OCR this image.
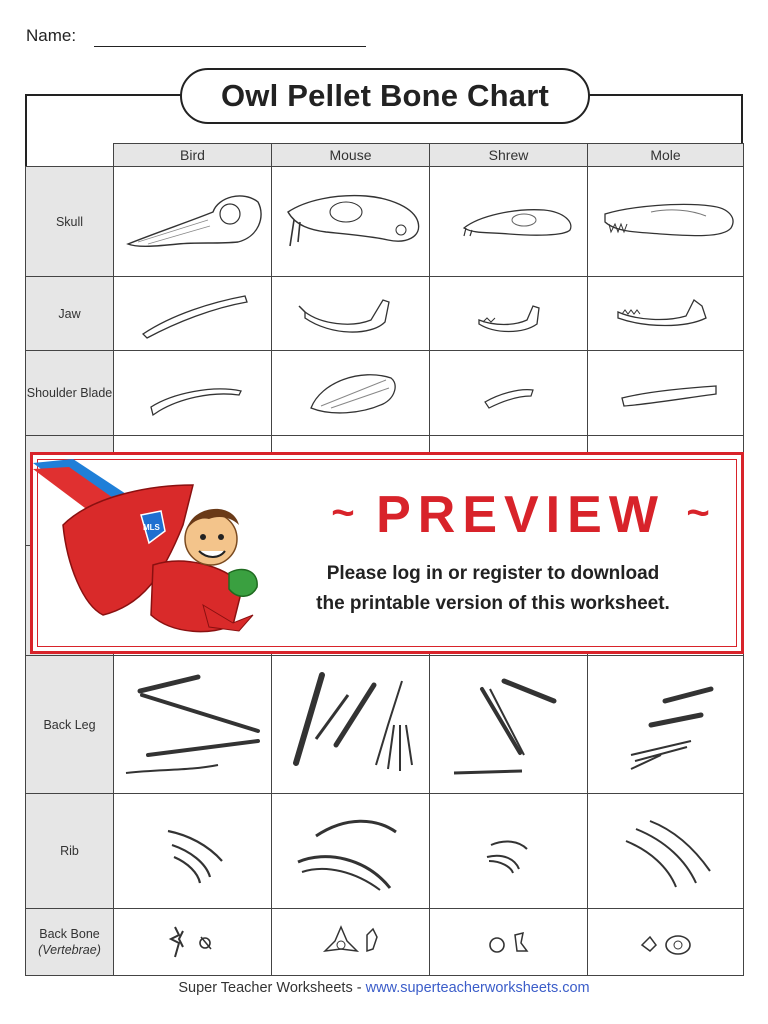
Name:
Owl Pellet Bone Chart
	Bird	Mouse	Shrew	Mole
Skull	

Jaw	

Shoulder Blade	

Back Leg	

Rib	

Back Bone
(Vertebrae)	

MLS	~ PREVIEW ~
Please log in or register to download
the printable version of this worksheet.
Super Teacher Worksheets - www.superteacherworksheets.com
